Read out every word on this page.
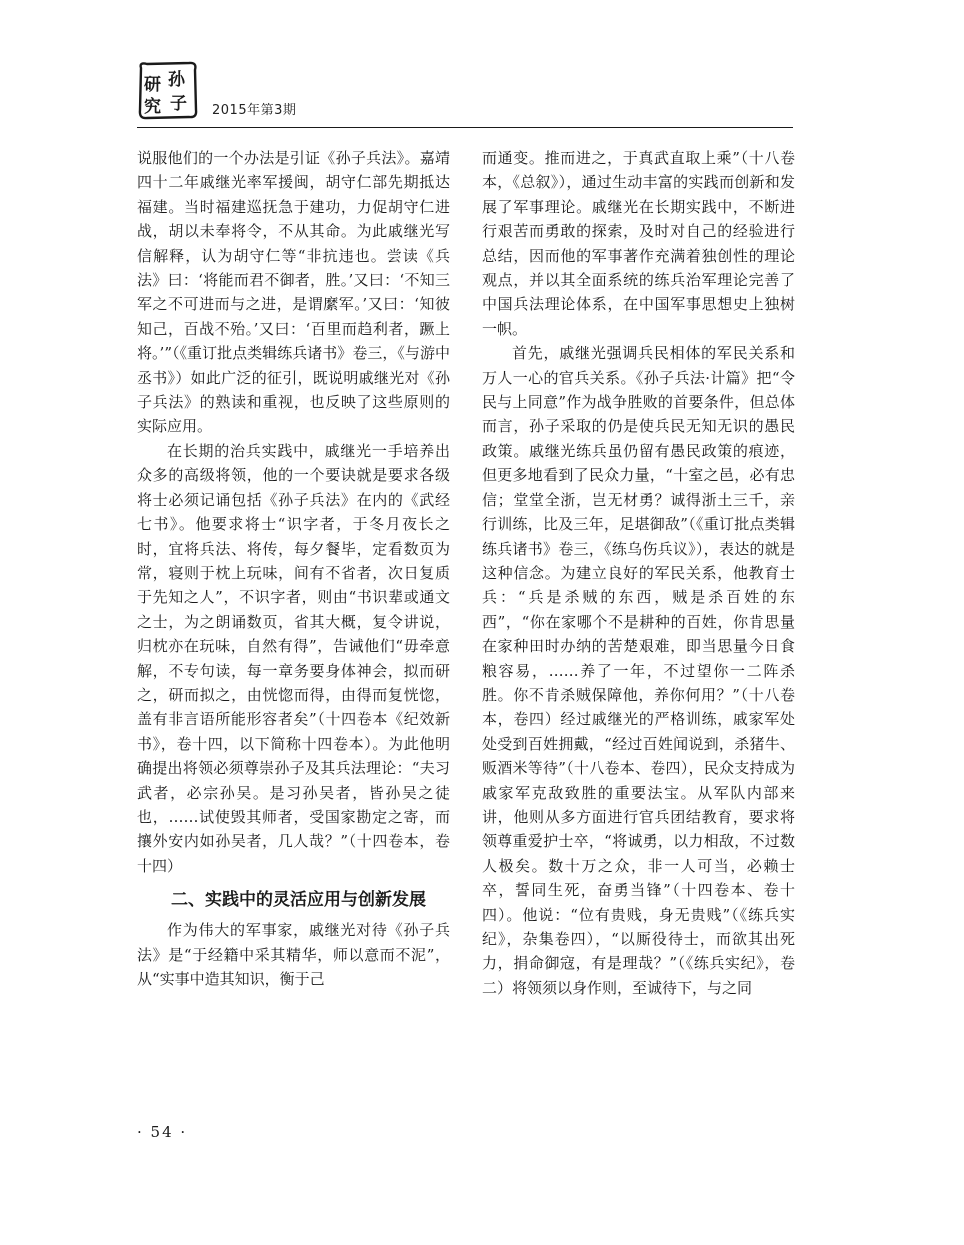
研 孙
究 子 2015年第3期

说服他们的一个办法是引证《孙子兵法》。嘉靖四十二年戚继光率军援闽，胡守仁部先期抵达福建。当时福建巡抚急于建功，力促胡守仁进战，胡以未奉将令，不从其命。为此戚继光写信解释，认为胡守仁等“非抗违也。尝读《兵法》曰：‘将能而君不御者，胜。’又曰：‘不知三军之不可进而与之进，是谓縻军。’又曰：‘知彼知己，百战不殆。’又曰：‘百里而趋利者，蹶上将。’”（《重订批点类辑练兵诸书》卷三，《与游中丞书》）如此广泛的征引，既说明戚继光对《孙子兵法》的熟读和重视，也反映了这些原则的实际应用。

在长期的治兵实践中，戚继光一手培养出众多的高级将领，他的一个要诀就是要求各级将士必须记诵包括《孙子兵法》在内的《武经七书》。他要求将士“识字者，于冬月夜长之时，宜将兵法、将传，每夕餐毕，定看数页为常，寝则于枕上玩味，间有不省者，次日复质于先知之人”，不识字者，则由“书识辈或通文之士，为之朗诵数页，省其大概，复令讲说，归枕亦在玩味，自然有得”，告诫他们“毋牵意解，不专句读，每一章务要身体神会，拟而研之，研而拟之，由恍惚而得，由得而复恍惚，盖有非言语所能形容者矣”（十四卷本《纪效新书》，卷十四，以下简称十四卷本）。为此他明确提出将领必须尊崇孙子及其兵法理论：“夫习武者，必宗孙吴。是习孙吴者，皆孙吴之徒也，……试使毁其师者，受国家勘定之寄，而攘外安内如孙吴者，几人哉？”（十四卷本，卷十四）

二、实践中的灵活应用与创新发展

作为伟大的军事家，戚继光对待《孙子兵法》是“于经籍中采其精华，师以意而不泥”，从“实事中造其知识，衡于己

而通变。推而进之，于真武直取上乘”（十八卷本，《总叙》），通过生动丰富的实践而创新和发展了军事理论。戚继光在长期实践中，不断进行艰苦而勇敢的探索，及时对自己的经验进行总结，因而他的军事著作充满着独创性的理论观点，并以其全面系统的练兵治军理论完善了中国兵法理论体系，在中国军事思想史上独树一帜。

首先，戚继光强调兵民相体的军民关系和万人一心的官兵关系。《孙子兵法·计篇》把“令民与上同意”作为战争胜败的首要条件，但总体而言，孙子采取的仍是使兵民无知无识的愚民政策。戚继光练兵虽仍留有愚民政策的痕迹，但更多地看到了民众力量，“十室之邑，必有忠信；堂堂全浙，岂无材勇？诚得浙土三千，亲行训练，比及三年，足堪御敌”（《重订批点类辑练兵诸书》卷三，《练乌伤兵议》），表达的就是这种信念。为建立良好的军民关系，他教育士兵：“兵是杀贼的东西，贼是杀百姓的东西”，“你在家哪个不是耕种的百姓，你肯思量在家种田时办纳的苦楚艰难，即当思量今日食粮容易，……养了一年，不过望你一二阵杀胜。你不肯杀贼保障他，养你何用？”（十八卷本，卷四）经过戚继光的严格训练，戚家军处处受到百姓拥戴，“经过百姓闻说到，杀猪牛、贩酒米等待”（十八卷本、卷四），民众支持成为戚家军克敌致胜的重要法宝。从军队内部来讲，他则从多方面进行官兵团结教育，要求将领尊重爱护士卒，“将诚勇，以力相敌，不过数人极矣。数十万之众，非一人可当，必赖士卒，誓同生死，奋勇当锋”（十四卷本、卷十四）。他说：“位有贵贱，身无贵贱”（《练兵实纪》，杂集卷四），“以厮役待士，而欲其出死力，捐命御寇，有是理哉？”（《练兵实纪》，卷二）将领须以身作则，至诚待下，与之同

· 54 ·
